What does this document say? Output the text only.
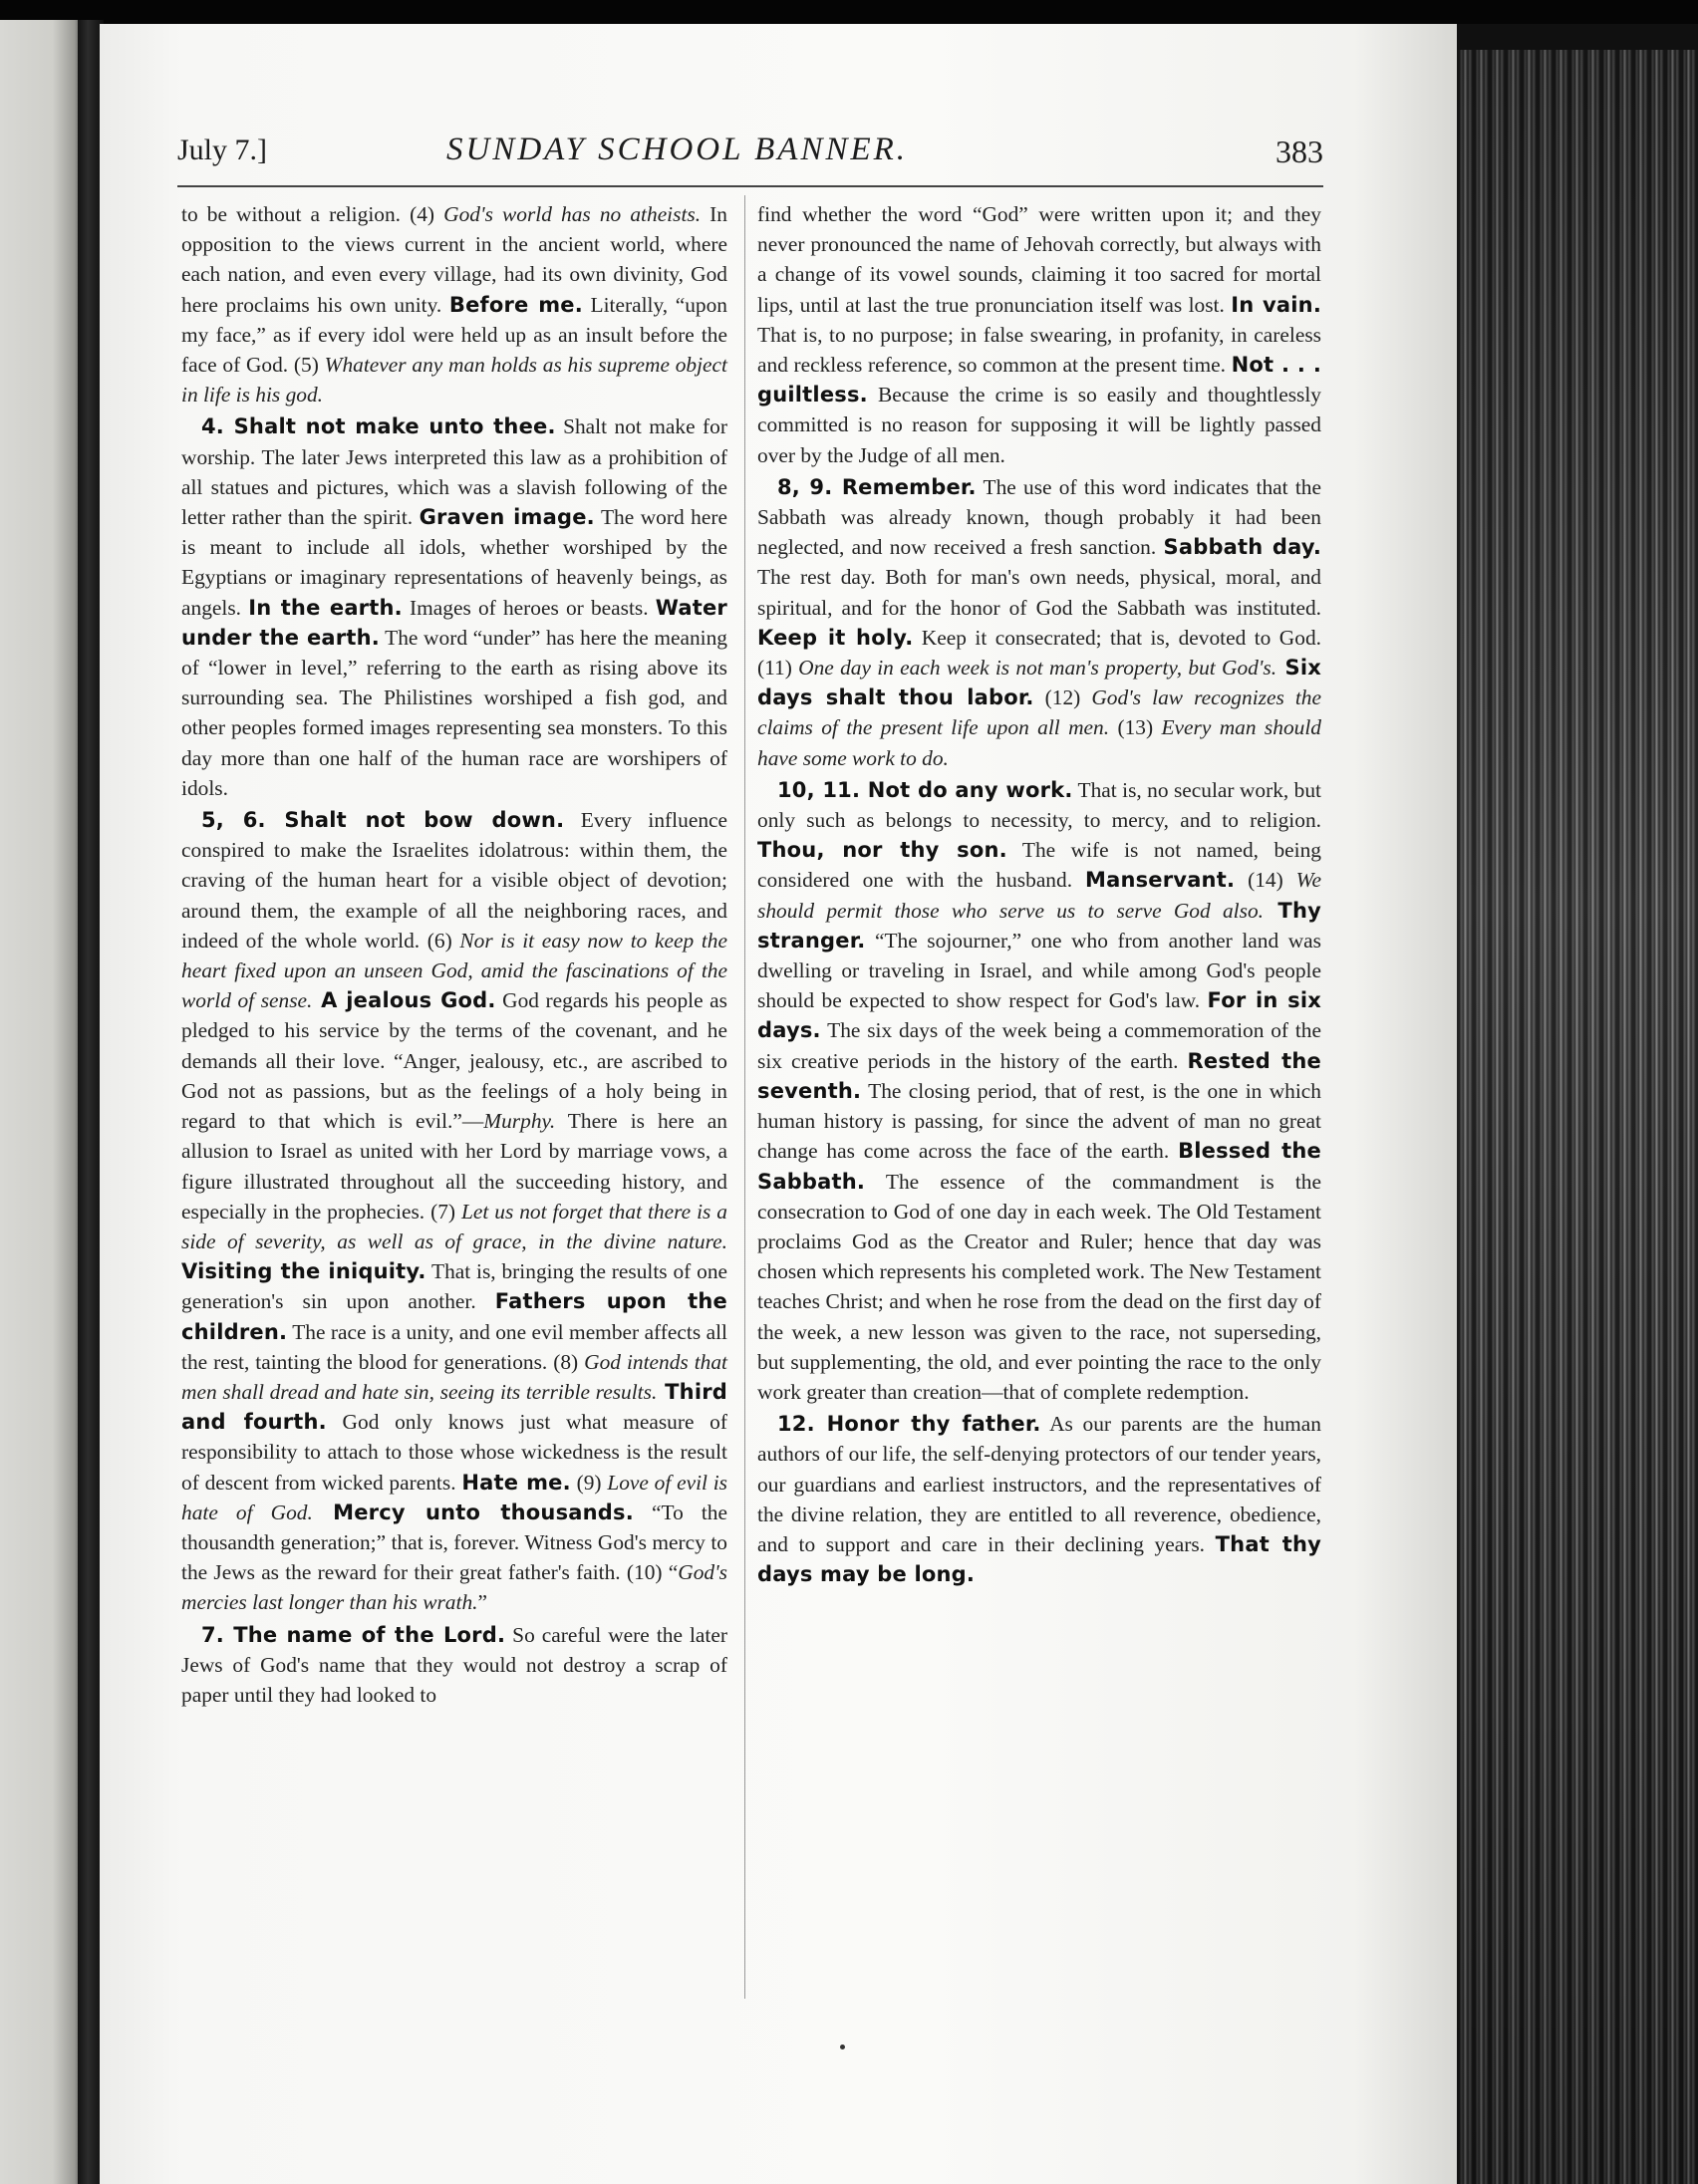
July 7.]	SUNDAY SCHOOL BANNER.	383

to be without a religion. (4) God's world has no atheists. In opposition to the views current in the ancient world, where each nation, and even every village, had its own divinity, God here proclaims his own unity. Before me. Literally, “upon my face,” as if every idol were held up as an insult before the face of God. (5) Whatever any man holds as his supreme object in life is his god.

4. Shalt not make unto thee. Shalt not make for worship. The later Jews interpreted this law as a prohibition of all statues and pictures, which was a slavish following of the letter rather than the spirit. Graven image. The word here is meant to include all idols, whether worshiped by the Egyptians or imaginary representations of heavenly beings, as angels. In the earth. Images of heroes or beasts. Water under the earth. The word “under” has here the meaning of “lower in level,” referring to the earth as rising above its surrounding sea. The Philistines worshiped a fish god, and other peoples formed images representing sea monsters. To this day more than one half of the human race are worshipers of idols.

5, 6. Shalt not bow down. Every influence conspired to make the Israelites idolatrous: within them, the craving of the human heart for a visible object of devotion; around them, the example of all the neighboring races, and indeed of the whole world. (6) Nor is it easy now to keep the heart fixed upon an unseen God, amid the fascinations of the world of sense. A jealous God. God regards his people as pledged to his service by the terms of the covenant, and he demands all their love. “Anger, jealousy, etc., are ascribed to God not as passions, but as the feelings of a holy being in regard to that which is evil.”—Murphy. There is here an allusion to Israel as united with her Lord by marriage vows, a figure illustrated throughout all the succeeding history, and especially in the prophecies. (7) Let us not forget that there is a side of severity, as well as of grace, in the divine nature. Visiting the iniquity. That is, bringing the results of one generation's sin upon another. Fathers upon the children. The race is a unity, and one evil member affects all the rest, tainting the blood for generations. (8) God intends that men shall dread and hate sin, seeing its terrible results. Third and fourth. God only knows just what measure of responsibility to attach to those whose wickedness is the result of descent from wicked parents. Hate me. (9) Love of evil is hate of God. Mercy unto thousands. “To the thousandth generation;” that is, forever. Witness God's mercy to the Jews as the reward for their great father's faith. (10) “God's mercies last longer than his wrath.”

7. The name of the Lord. So careful were the later Jews of God's name that they would not destroy a scrap of paper until they had looked to

find whether the word “God” were written upon it; and they never pronounced the name of Jehovah correctly, but always with a change of its vowel sounds, claiming it too sacred for mortal lips, until at last the true pronunciation itself was lost. In vain. That is, to no purpose; in false swearing, in profanity, in careless and reckless reference, so common at the present time. Not . . . guiltless. Because the crime is so easily and thoughtlessly committed is no reason for supposing it will be lightly passed over by the Judge of all men.

8, 9. Remember. The use of this word indicates that the Sabbath was already known, though probably it had been neglected, and now received a fresh sanction. Sabbath day. The rest day. Both for man's own needs, physical, moral, and spiritual, and for the honor of God the Sabbath was instituted. Keep it holy. Keep it consecrated; that is, devoted to God. (11) One day in each week is not man's property, but God's. Six days shalt thou labor. (12) God's law recognizes the claims of the present life upon all men. (13) Every man should have some work to do.

10, 11. Not do any work. That is, no secular work, but only such as belongs to necessity, to mercy, and to religion. Thou, nor thy son. The wife is not named, being considered one with the husband. Manservant. (14) We should permit those who serve us to serve God also. Thy stranger. “The sojourner,” one who from another land was dwelling or traveling in Israel, and while among God's people should be expected to show respect for God's law. For in six days. The six days of the week being a commemoration of the six creative periods in the history of the earth. Rested the seventh. The closing period, that of rest, is the one in which human history is passing, for since the advent of man no great change has come across the face of the earth. Blessed the Sabbath. The essence of the commandment is the consecration to God of one day in each week. The Old Testament proclaims God as the Creator and Ruler; hence that day was chosen which represents his completed work. The New Testament teaches Christ; and when he rose from the dead on the first day of the week, a new lesson was given to the race, not superseding, but supplementing, the old, and ever pointing the race to the only work greater than creation—that of complete redemption.

12. Honor thy father. As our parents are the human authors of our life, the self-denying protectors of our tender years, our guardians and earliest instructors, and the representatives of the divine relation, they are entitled to all reverence, obedience, and to support and care in their declining years. That thy days may be long.
